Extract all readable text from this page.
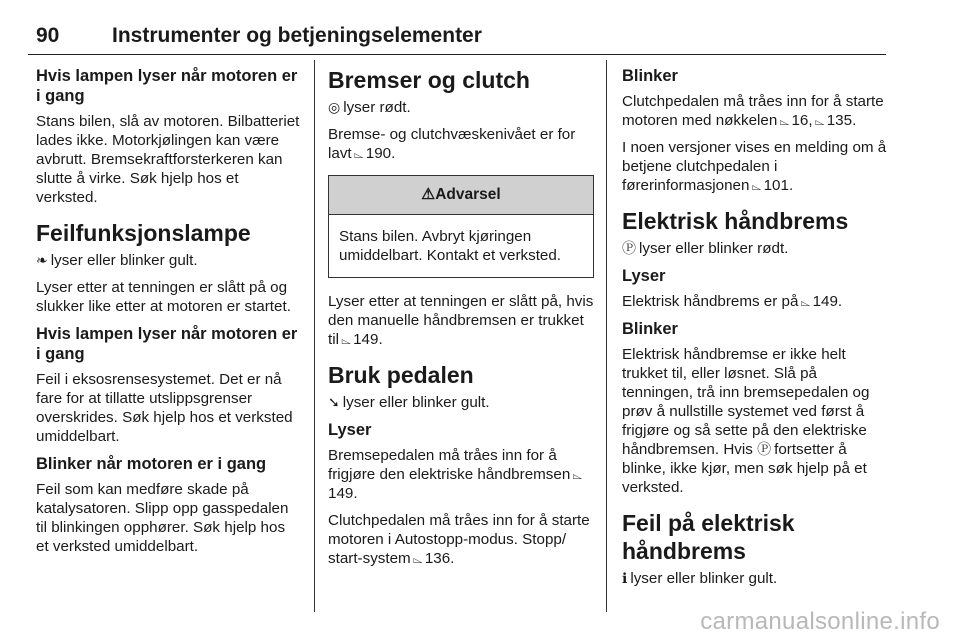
90	Instrumenter og betjeningselementer
Hvis lampen lyser når motoren er i gang

Stans bilen, slå av motoren. Bilbatteriet lades ikke. Motorkjølingen kan være avbrutt. Bremsekraftforsterkeren kan slutte å virke. Søk hjelp hos et verksted.

Feilfunksjonslampe

❧ lyser eller blinker gult.

Lyser etter at tenningen er slått på og slukker like etter at motoren er startet.

Hvis lampen lyser når motoren er i gang

Feil i eksosrensesystemet. Det er nå fare for at tillatte utslippsgrenser overskrides. Søk hjelp hos et verksted umiddelbart.

Blinker når motoren er i gang

Feil som kan medføre skade på katalysatoren. Slipp opp gasspedalen til blinkingen opphører. Søk hjelp hos et verksted umiddelbart.

Bremser og clutch

◎ lyser rødt.

Bremse- og clutchvæskenivået er for lavt ⌳ 190.

⚠Advarsel
Stans bilen. Avbryt kjøringen umiddelbart. Kontakt et verksted.

Lyser etter at tenningen er slått på, hvis den manuelle håndbremsen er trukket til ⌳ 149.

Bruk pedalen

➘ lyser eller blinker gult.

Lyser

Bremsepedalen må tråes inn for å frigjøre den elektriske håndbremsen ⌳149.

Clutchpedalen må tråes inn for å starte motoren i Autostopp-modus. Stopp/ start-system ⌳ 136.

Blinker

Clutchpedalen må tråes inn for å starte motoren med nøkkelen ⌳ 16, ⌳ 135.

I noen versjoner vises en melding om å betjene clutchpedalen i førerinformasjonen ⌳ 101.

Elektrisk håndbrems

Ⓟ lyser eller blinker rødt.

Lyser

Elektrisk håndbrems er på ⌳ 149.

Blinker

Elektrisk håndbremse er ikke helt trukket til, eller løsnet. Slå på tenningen, trå inn bremsepedalen og prøv å nullstille systemet ved først å frigjøre og så sette på den elektriske håndbremsen. Hvis Ⓟ fortsetter å blinke, ikke kjør, men søk hjelp på et verksted.

Feil på elektrisk håndbrems

ℹ lyser eller blinker gult.

carmanualsonline.info
